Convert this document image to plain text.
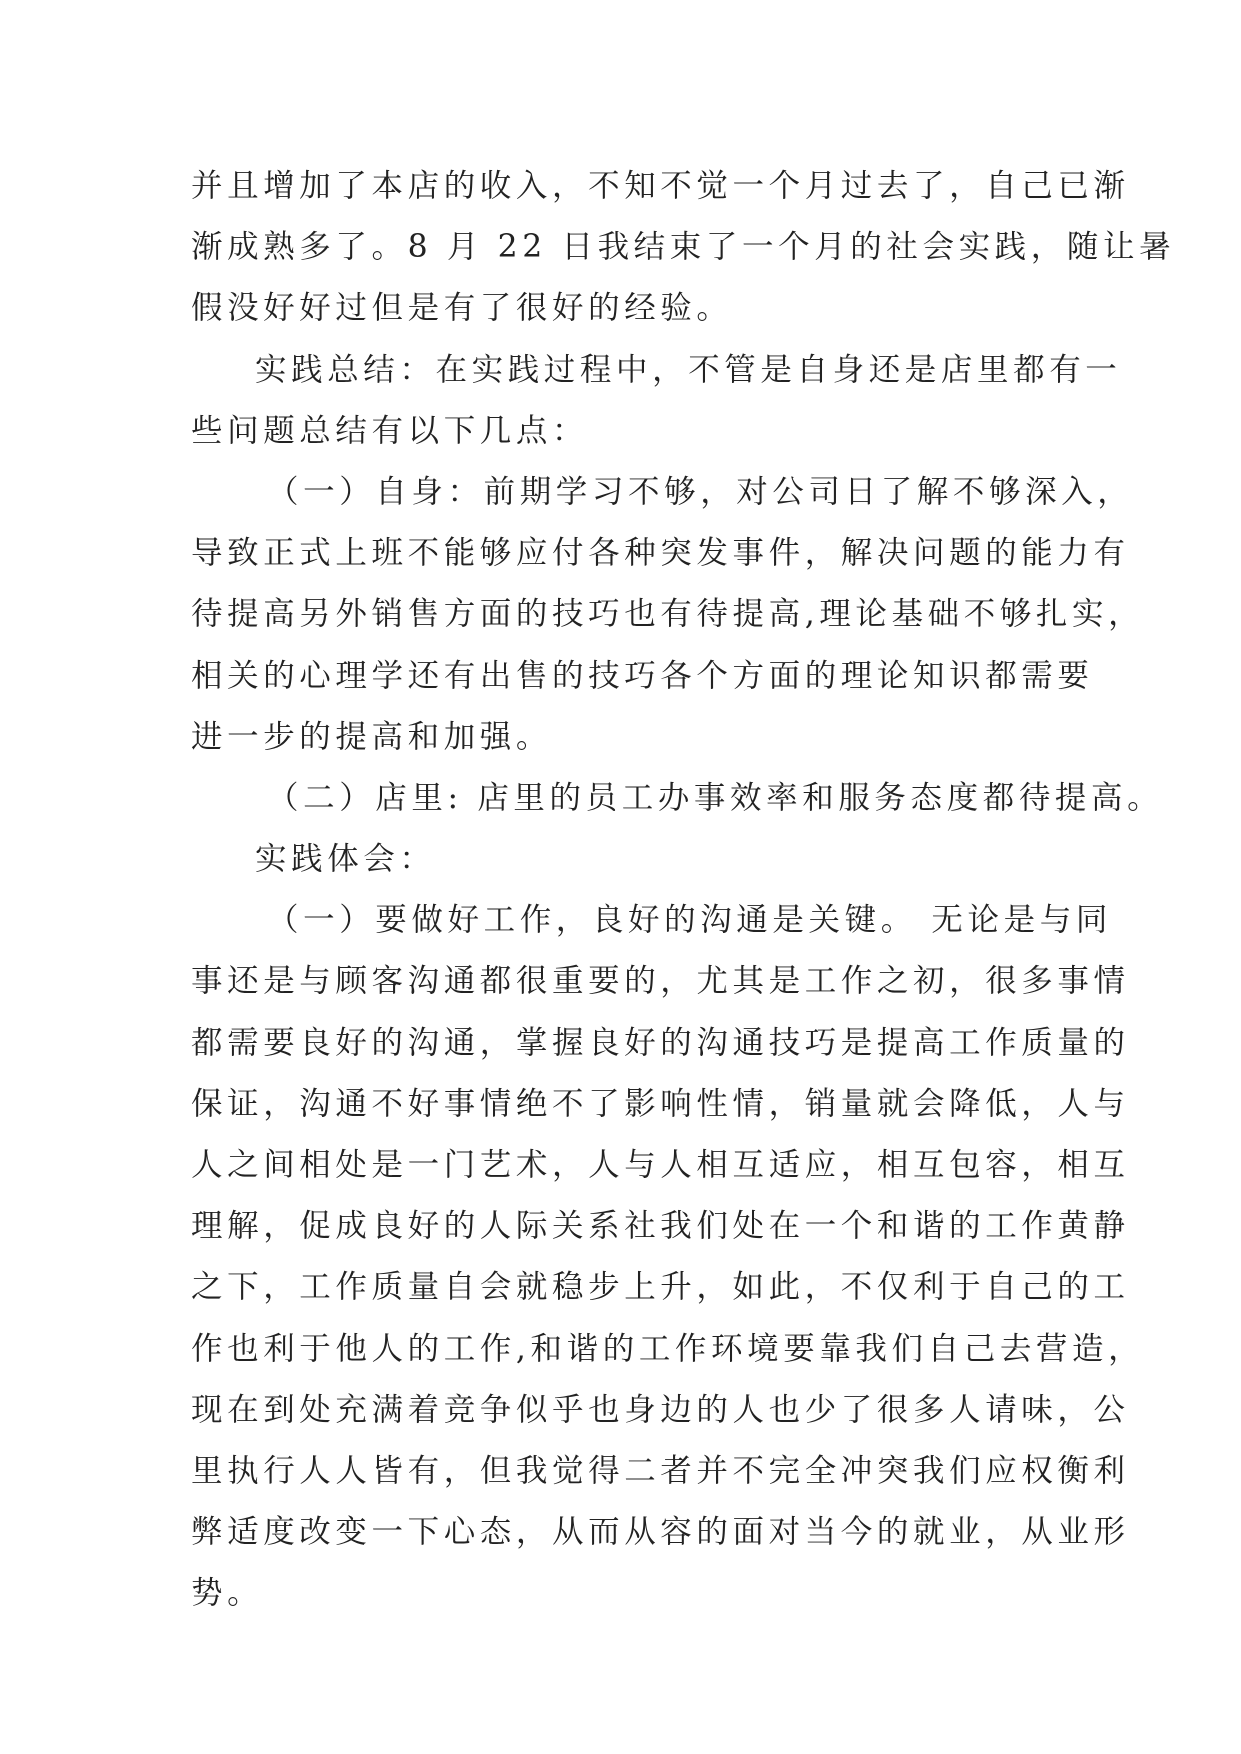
并且增加了本店的收入，不知不觉一个月过去了，自己已渐
渐成熟多了。8 月 22 日我结束了一个月的社会实践，随让暑
假没好好过但是有了很好的经验。
实践总结：在实践过程中，不管是自身还是店里都有一
些问题总结有以下几点：
（一）自身：前期学习不够，对公司日了解不够深入，
导致正式上班不能够应付各种突发事件，解决问题的能力有
待提高另外销售方面的技巧也有待提高,理论基础不够扎实，
相关的心理学还有出售的技巧各个方面的理论知识都需要
进一步的提高和加强。
（二）店里: 店里的员工办事效率和服务态度都待提高。
实践体会：
（一）要做好工作，良好的沟通是关键。 无论是与同
事还是与顾客沟通都很重要的，尤其是工作之初，很多事情
都需要良好的沟通，掌握良好的沟通技巧是提高工作质量的
保证，沟通不好事情绝不了影响性情，销量就会降低，人与
人之间相处是一门艺术，人与人相互适应，相互包容，相互
理解，促成良好的人际关系社我们处在一个和谐的工作黄静
之下，工作质量自会就稳步上升，如此，不仅利于自己的工
作也利于他人的工作,和谐的工作环境要靠我们自己去营造，
现在到处充满着竞争似乎也身边的人也少了很多人请味，公
里执行人人皆有，但我觉得二者并不完全冲突我们应权衡利
弊适度改变一下心态，从而从容的面对当今的就业，从业形
势。
